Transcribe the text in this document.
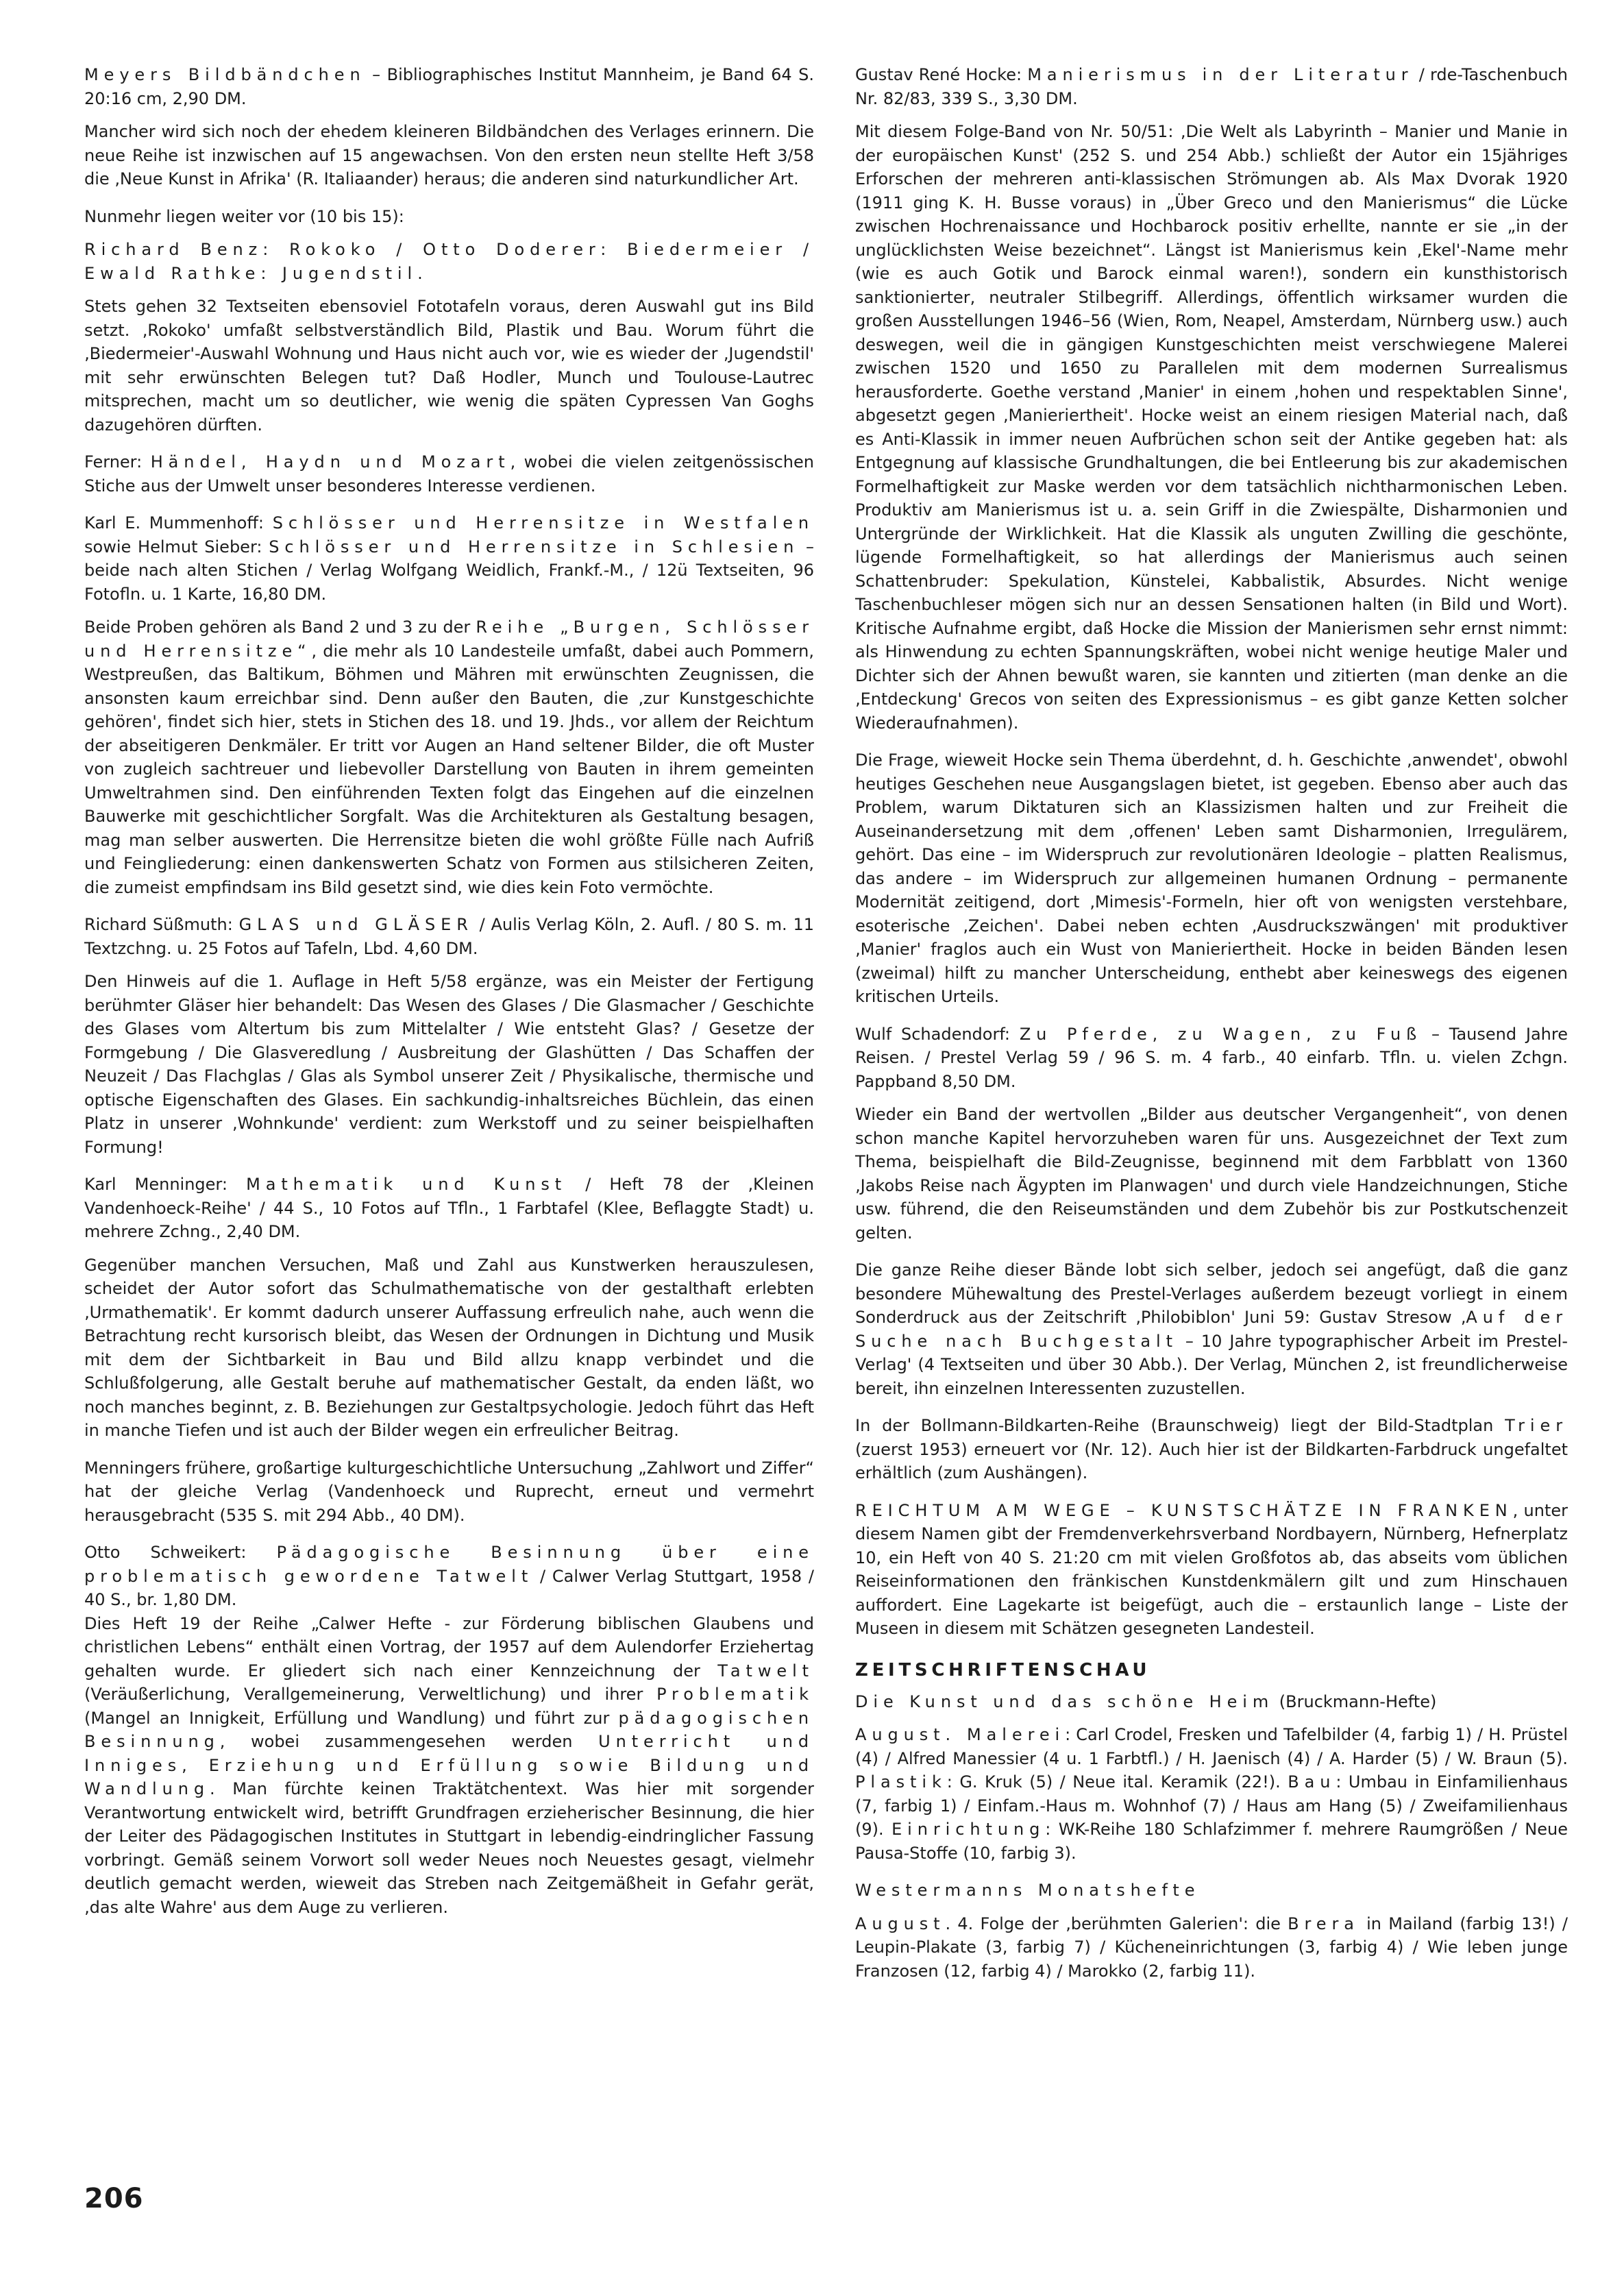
Meyers Bildbändchen – Bibliographisches Institut Mannheim, je Band 64 S. 20:16 cm, 2,90 DM.

Mancher wird sich noch der ehedem kleineren Bildbändchen des Verlages erinnern. Die neue Reihe ist inzwischen auf 15 angewachsen. Von den ersten neun stellte Heft 3/58 die ‚Neue Kunst in Afrika' (R. Italiaander) heraus; die anderen sind naturkundlicher Art.

Nunmehr liegen weiter vor (10 bis 15):

Richard Benz: Rokoko / Otto Doderer: Biedermeier / Ewald Rathke: Jugendstil.

Stets gehen 32 Textseiten ebensoviel Fototafeln voraus, deren Auswahl gut ins Bild setzt. ‚Rokoko' umfaßt selbstverständlich Bild, Plastik und Bau. Worum führt die ‚Biedermeier'-Auswahl Wohnung und Haus nicht auch vor, wie es wieder der ‚Jugendstil' mit sehr erwünschten Belegen tut? Daß Hodler, Munch und Toulouse-Lautrec mitsprechen, macht um so deutlicher, wie wenig die späten Cypressen Van Goghs dazugehören dürften.

Ferner: Händel, Haydn und Mozart, wobei die vielen zeitgenössischen Stiche aus der Umwelt unser besonderes Interesse verdienen.

Karl E. Mummenhoff: Schlösser und Herrensitze in Westfalen sowie Helmut Sieber: Schlösser und Herrensitze in Schlesien – beide nach alten Stichen / Verlag Wolfgang Weidlich, Frankf.-M., / 12ü Textseiten, 96 Fotofln. u. 1 Karte, 16,80 DM.

Beide Proben gehören als Band 2 und 3 zu der Reihe „Burgen, Schlösser und Herrensitze“, die mehr als 10 Landesteile umfaßt, dabei auch Pommern, Westpreußen, das Baltikum, Böhmen und Mähren mit erwünschten Zeugnissen, die ansonsten kaum erreichbar sind. Denn außer den Bauten, die ‚zur Kunstgeschichte gehören', findet sich hier, stets in Stichen des 18. und 19. Jhds., vor allem der Reichtum der abseitigeren Denkmäler. Er tritt vor Augen an Hand seltener Bilder, die oft Muster von zugleich sachtreuer und liebevoller Darstellung von Bauten in ihrem gemeinten Umweltrahmen sind. Den einführenden Texten folgt das Eingehen auf die einzelnen Bauwerke mit geschichtlicher Sorgfalt. Was die Architekturen als Gestaltung besagen, mag man selber auswerten. Die Herrensitze bieten die wohl größte Fülle nach Aufriß und Feingliederung: einen dankenswerten Schatz von Formen aus stilsicheren Zeiten, die zumeist empfindsam ins Bild gesetzt sind, wie dies kein Foto vermöchte.

Richard Süßmuth: GLAS und GLÄSER / Aulis Verlag Köln, 2. Aufl. / 80 S. m. 11 Textzchng. u. 25 Fotos auf Tafeln, Lbd. 4,60 DM.

Den Hinweis auf die 1. Auflage in Heft 5/58 ergänze, was ein Meister der Fertigung berühmter Gläser hier behandelt: Das Wesen des Glases / Die Glasmacher / Geschichte des Glases vom Altertum bis zum Mittelalter / Wie entsteht Glas? / Gesetze der Formgebung / Die Glasveredlung / Ausbreitung der Glashütten / Das Schaffen der Neuzeit / Das Flachglas / Glas als Symbol unserer Zeit / Physikalische, thermische und optische Eigenschaften des Glases. Ein sachkundig-inhaltsreiches Büchlein, das einen Platz in unserer ‚Wohnkunde' verdient: zum Werkstoff und zu seiner beispielhaften Formung!

Karl Menninger: Mathematik und Kunst / Heft 78 der ‚Kleinen Vandenhoeck-Reihe' / 44 S., 10 Fotos auf Tfln., 1 Farbtafel (Klee, Beflaggte Stadt) u. mehrere Zchng., 2,40 DM.

Gegenüber manchen Versuchen, Maß und Zahl aus Kunstwerken herauszulesen, scheidet der Autor sofort das Schulmathematische von der gestalthaft erlebten ‚Urmathematik'. Er kommt dadurch unserer Auffassung erfreulich nahe, auch wenn die Betrachtung recht kursorisch bleibt, das Wesen der Ordnungen in Dichtung und Musik mit dem der Sichtbarkeit in Bau und Bild allzu knapp verbindet und die Schlußfolgerung, alle Gestalt beruhe auf mathematischer Gestalt, da enden läßt, wo noch manches beginnt, z. B. Beziehungen zur Gestaltpsychologie. Jedoch führt das Heft in manche Tiefen und ist auch der Bilder wegen ein erfreulicher Beitrag.

Menningers frühere, großartige kulturgeschichtliche Untersuchung „Zahlwort und Ziffer“ hat der gleiche Verlag (Vandenhoeck und Ruprecht, erneut und vermehrt herausgebracht (535 S. mit 294 Abb., 40 DM).

Otto Schweikert: Pädagogische Besinnung über eine problematisch gewordene Tatwelt / Calwer Verlag Stuttgart, 1958 / 40 S., br. 1,80 DM.

Dies Heft 19 der Reihe „Calwer Hefte - zur Förderung biblischen Glaubens und christlichen Lebens“ enthält einen Vortrag, der 1957 auf dem Aulendorfer Erziehertag gehalten wurde. Er gliedert sich nach einer Kennzeichnung der Tatwelt (Veräußerlichung, Verallgemeinerung, Verweltlichung) und ihrer Problematik (Mangel an Innigkeit, Erfüllung und Wandlung) und führt zur pädagogischen Besinnung, wobei zusammengesehen werden Unterricht und Inniges, Erziehung und Erfüllung sowie Bildung und Wandlung. Man fürchte keinen Traktätchentext. Was hier mit sorgender Verantwortung entwickelt wird, betrifft Grundfragen erzieherischer Besinnung, die hier der Leiter des Pädagogischen Institutes in Stuttgart in lebendig-eindringlicher Fassung vorbringt. Gemäß seinem Vorwort soll weder Neues noch Neuestes gesagt, vielmehr deutlich gemacht werden, wieweit das Streben nach Zeitgemäßheit in Gefahr gerät, ‚das alte Wahre' aus dem Auge zu verlieren.

Gustav René Hocke: Manierismus in der Literatur / rde-Taschenbuch Nr. 82/83, 339 S., 3,30 DM.

Mit diesem Folge-Band von Nr. 50/51: ‚Die Welt als Labyrinth – Manier und Manie in der europäischen Kunst' (252 S. und 254 Abb.) schließt der Autor ein 15jähriges Erforschen der mehreren anti-klassischen Strömungen ab. Als Max Dvorak 1920 (1911 ging K. H. Busse voraus) in „Über Greco und den Manierismus“ die Lücke zwischen Hochrenaissance und Hochbarock positiv erhellte, nannte er sie „in der unglücklichsten Weise bezeichnet“. Längst ist Manierismus kein ‚Ekel'-Name mehr (wie es auch Gotik und Barock einmal waren!), sondern ein kunsthistorisch sanktionierter, neutraler Stilbegriff. Allerdings, öffentlich wirksamer wurden die großen Ausstellungen 1946–56 (Wien, Rom, Neapel, Amsterdam, Nürnberg usw.) auch deswegen, weil die in gängigen Kunstgeschichten meist verschwiegene Malerei zwischen 1520 und 1650 zu Parallelen mit dem modernen Surrealismus herausforderte. Goethe verstand ‚Manier' in einem ‚hohen und respektablen Sinne', abgesetzt gegen ‚Manieriertheit'. Hocke weist an einem riesigen Material nach, daß es Anti-Klassik in immer neuen Aufbrüchen schon seit der Antike gegeben hat: als Entgegnung auf klassische Grundhaltungen, die bei Entleerung bis zur akademischen Formelhaftigkeit zur Maske werden vor dem tatsächlich nichtharmonischen Leben. Produktiv am Manierismus ist u. a. sein Griff in die Zwiespälte, Disharmonien und Untergründe der Wirklichkeit. Hat die Klassik als unguten Zwilling die geschönte, lügende Formelhaftigkeit, so hat allerdings der Manierismus auch seinen Schattenbruder: Spekulation, Künstelei, Kabbalistik, Absurdes. Nicht wenige Taschenbuchleser mögen sich nur an dessen Sensationen halten (in Bild und Wort). Kritische Aufnahme ergibt, daß Hocke die Mission der Manierismen sehr ernst nimmt: als Hinwendung zu echten Spannungskräften, wobei nicht wenige heutige Maler und Dichter sich der Ahnen bewußt waren, sie kannten und zitierten (man denke an die ‚Entdeckung' Grecos von seiten des Expressionismus – es gibt ganze Ketten solcher Wiederaufnahmen).

Die Frage, wieweit Hocke sein Thema überdehnt, d. h. Geschichte ‚anwendet', obwohl heutiges Geschehen neue Ausgangslagen bietet, ist gegeben. Ebenso aber auch das Problem, warum Diktaturen sich an Klassizismen halten und zur Freiheit die Auseinandersetzung mit dem ‚offenen' Leben samt Disharmonien, Irregulärem, gehört. Das eine – im Widerspruch zur revolutionären Ideologie – platten Realismus, das andere – im Widerspruch zur allgemeinen humanen Ordnung – permanente Modernität zeitigend, dort ‚Mimesis'-Formeln, hier oft von wenigsten verstehbare, esoterische ‚Zeichen'. Dabei neben echten ‚Ausdruckszwängen' mit produktiver ‚Manier' fraglos auch ein Wust von Manieriertheit. Hocke in beiden Bänden lesen (zweimal) hilft zu mancher Unterscheidung, enthebt aber keineswegs des eigenen kritischen Urteils.

Wulf Schadendorf: Zu Pferde, zu Wagen, zu Fuß – Tausend Jahre Reisen. / Prestel Verlag 59 / 96 S. m. 4 farb., 40 einfarb. Tfln. u. vielen Zchgn. Pappband 8,50 DM.

Wieder ein Band der wertvollen „Bilder aus deutscher Vergangenheit“, von denen schon manche Kapitel hervorzuheben waren für uns. Ausgezeichnet der Text zum Thema, beispielhaft die Bild-Zeugnisse, beginnend mit dem Farbblatt von 1360 ‚Jakobs Reise nach Ägypten im Planwagen' und durch viele Handzeichnungen, Stiche usw. führend, die den Reiseumständen und dem Zubehör bis zur Postkutschenzeit gelten.

Die ganze Reihe dieser Bände lobt sich selber, jedoch sei angefügt, daß die ganz besondere Mühewaltung des Prestel-Verlages außerdem bezeugt vorliegt in einem Sonderdruck aus der Zeitschrift ‚Philobiblon' Juni 59: Gustav Stresow ‚Auf der Suche nach Buchgestalt – 10 Jahre typographischer Arbeit im Prestel-Verlag' (4 Textseiten und über 30 Abb.). Der Verlag, München 2, ist freundlicherweise bereit, ihn einzelnen Interessenten zuzustellen.

In der Bollmann-Bildkarten-Reihe (Braunschweig) liegt der Bild-Stadtplan Trier (zuerst 1953) erneuert vor (Nr. 12). Auch hier ist der Bildkarten-Farbdruck ungefaltet erhältlich (zum Aushängen).

REICHTUM AM WEGE – KUNSTSCHÄTZE IN FRANKEN, unter diesem Namen gibt der Fremdenverkehrsverband Nordbayern, Nürnberg, Hefnerplatz 10, ein Heft von 40 S. 21:20 cm mit vielen Großfotos ab, das abseits vom üblichen Reiseinformationen den fränkischen Kunstdenkmälern gilt und zum Hinschauen auffordert. Eine Lagekarte ist beigefügt, auch die – erstaunlich lange – Liste der Museen in diesem mit Schätzen gesegneten Landesteil.

ZEITSCHRIFTENSCHAU

Die Kunst und das schöne Heim (Bruckmann-Hefte)

August. Malerei: Carl Crodel, Fresken und Tafelbilder (4, farbig 1) / H. Prüstel (4) / Alfred Manessier (4 u. 1 Farbtfl.) / H. Jaenisch (4) / A. Harder (5) / W. Braun (5). Plastik: G. Kruk (5) / Neue ital. Keramik (22!). Bau: Umbau in Einfamilienhaus (7, farbig 1) / Einfam.-Haus m. Wohnhof (7) / Haus am Hang (5) / Zweifamilienhaus (9). Einrichtung: WK-Reihe 180 Schlafzimmer f. mehrere Raumgrößen / Neue Pausa-Stoffe (10, farbig 3).

Westermanns Monatshefte

August. 4. Folge der ‚berühmten Galerien': die Brera in Mailand (farbig 13!) / Leupin-Plakate (3, farbig 7) / Kücheneinrichtungen (3, farbig 4) / Wie leben junge Franzosen (12, farbig 4) / Marokko (2, farbig 11).

206
